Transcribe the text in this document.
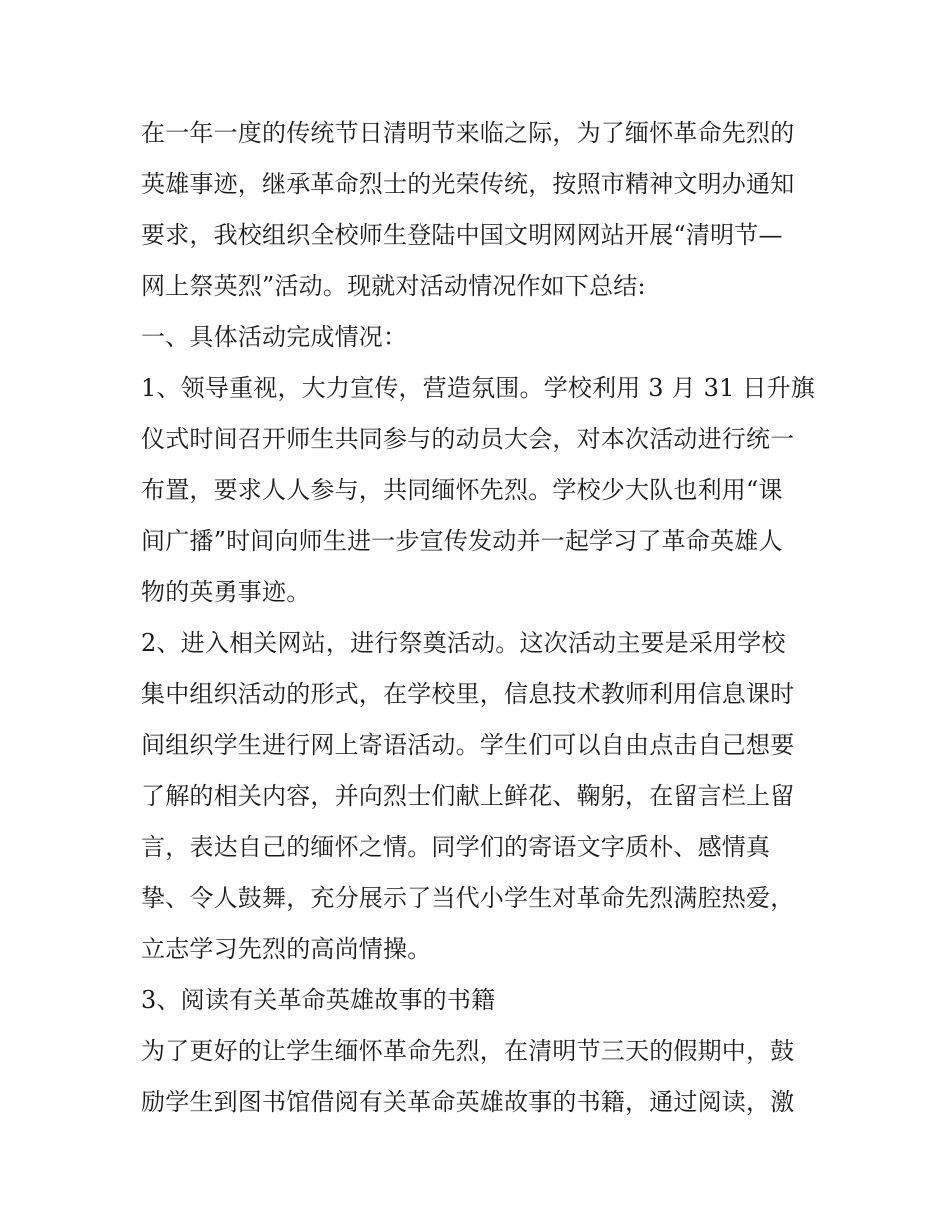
在一年一度的传统节日清明节来临之际，为了缅怀革命先烈的
英雄事迹，继承革命烈士的光荣传统，按照市精神文明办通知
要求，我校组织全校师生登陆中国文明网网站开展“清明节—
网上祭英烈”活动。现就对活动情况作如下总结:

一、具体活动完成情况：

1、领导重视，大力宣传，营造氛围。学校利用 3 月 31 日升旗
仪式时间召开师生共同参与的动员大会，对本次活动进行统一
布置，要求人人参与，共同缅怀先烈。学校少大队也利用“课
间广播”时间向师生进一步宣传发动并一起学习了革命英雄人
物的英勇事迹。

2、进入相关网站，进行祭奠活动。这次活动主要是采用学校
集中组织活动的形式，在学校里，信息技术教师利用信息课时
间组织学生进行网上寄语活动。学生们可以自由点击自己想要
了解的相关内容，并向烈士们献上鲜花、鞠躬，在留言栏上留
言，表达自己的缅怀之情。同学们的寄语文字质朴、感情真
挚、令人鼓舞，充分展示了当代小学生对革命先烈满腔热爱，
立志学习先烈的高尚情操。

3、阅读有关革命英雄故事的书籍

为了更好的让学生缅怀革命先烈，在清明节三天的假期中，鼓
励学生到图书馆借阅有关革命英雄故事的书籍，通过阅读，激
